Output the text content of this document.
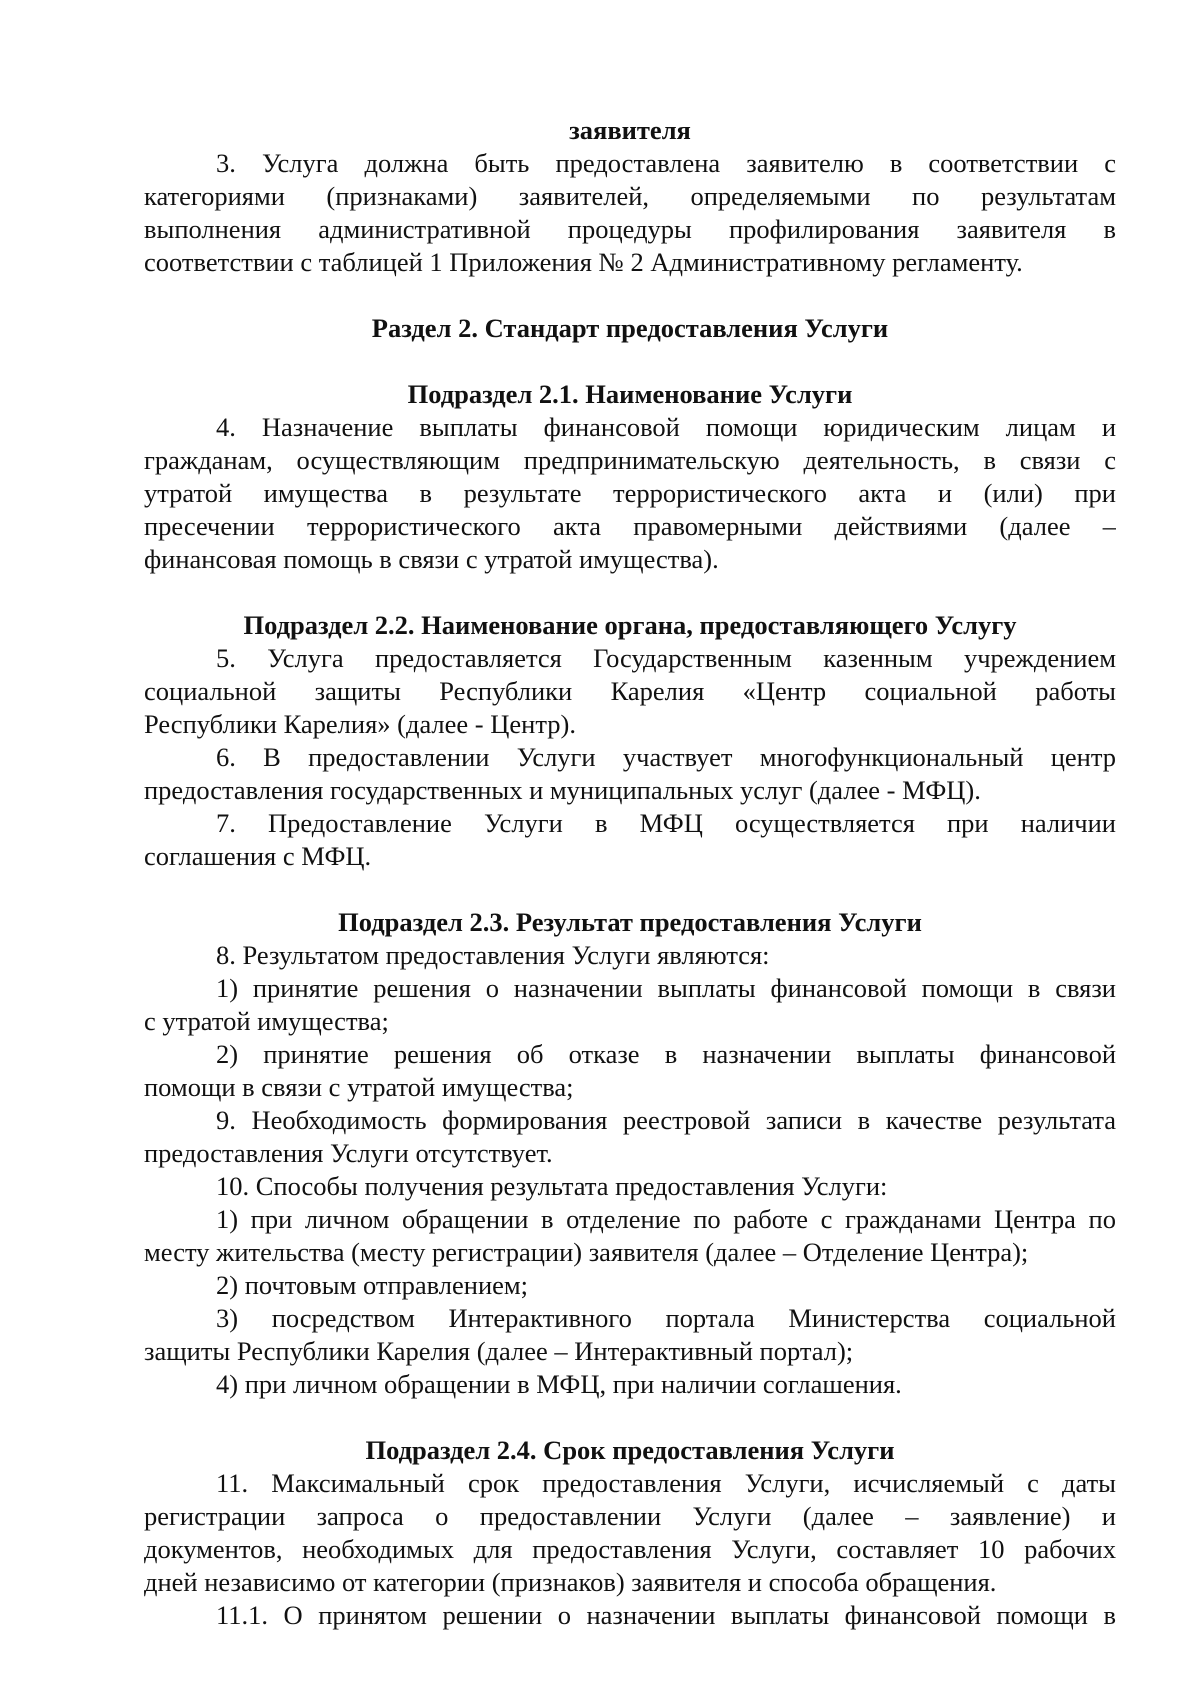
заявителя
3. Услуга должна быть предоставлена заявителю в соответствии с
категориями (признаками) заявителей, определяемыми по результатам
выполнения административной процедуры профилирования заявителя в
соответствии с таблицей 1 Приложения № 2 Административному регламенту.
Раздел 2. Стандарт предоставления Услуги
Подраздел 2.1. Наименование Услуги
4. Назначение выплаты финансовой помощи юридическим лицам и
гражданам, осуществляющим предпринимательскую деятельность, в связи с
утратой имущества в результате террористического акта и (или) при
пресечении террористического акта правомерными действиями (далее –
финансовая помощь в связи с утратой имущества).
Подраздел 2.2. Наименование органа, предоставляющего Услугу
5. Услуга предоставляется Государственным казенным учреждением
социальной защиты Республики Карелия «Центр социальной работы
Республики Карелия» (далее - Центр).
6. В предоставлении Услуги участвует многофункциональный центр
предоставления государственных и муниципальных услуг (далее - МФЦ).
7. Предоставление Услуги в МФЦ осуществляется при наличии
соглашения с МФЦ.
Подраздел 2.3. Результат предоставления Услуги
8. Результатом предоставления Услуги являются:
1) принятие решения о назначении выплаты финансовой помощи в связи
с утратой имущества;
2) принятие решения об отказе в назначении выплаты финансовой
помощи в связи с утратой имущества;
9. Необходимость формирования реестровой записи в качестве результата
предоставления Услуги отсутствует.
10. Способы получения результата предоставления Услуги:
1) при личном обращении в отделение по работе с гражданами Центра по
месту жительства (месту регистрации) заявителя (далее – Отделение Центра);
2) почтовым отправлением;
3) посредством Интерактивного портала Министерства социальной
защиты Республики Карелия (далее – Интерактивный портал);
4) при личном обращении в МФЦ, при наличии соглашения.
Подраздел 2.4. Срок предоставления Услуги
11. Максимальный срок предоставления Услуги, исчисляемый с даты
регистрации запроса о предоставлении Услуги (далее – заявление) и
документов, необходимых для предоставления Услуги, составляет 10 рабочих
дней независимо от категории (признаков) заявителя и способа обращения.
11.1. О принятом решении о назначении выплаты финансовой помощи в
